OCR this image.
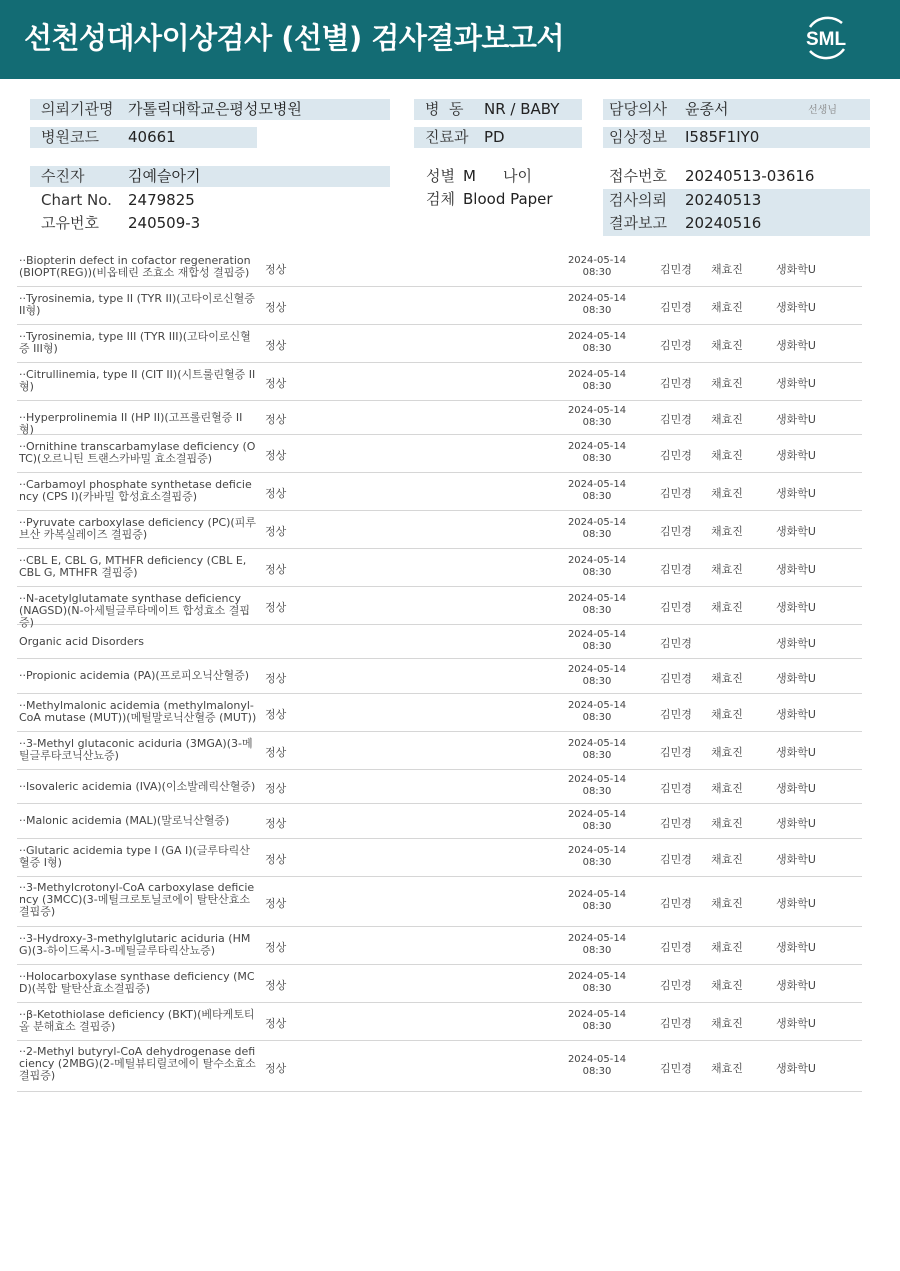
선천성대사이상검사 (선별) 검사결과보고서	SML
의뢰기관명 가톨릭대학교은평성모병원
병원코드 40661
병  동 NR / BABY
진료과 PD
담당의사 윤종서	선생님
임상정보 I585F1IY0
수진자	김예슬아기
Chart No. 2479825
고유번호 240509-3
성별 M 나이
검체 Blood Paper
접수번호 20240513-03616
검사의뢰 20240513
결과보고 20240516
··Biopterin defect in cofactor regeneration (BIOPT(REG))(비옵테린 조효소 재합성 결핍증)	정상
2024-05-14
08:30	김민경 채효진	생화학U
··Tyrosinemia, type II (TYR II)(고타이로신혈증 II형)	정상
2024-05-14
08:30	김민경 채효진	생화학U
··Tyrosinemia, type III (TYR III)(고타이로신혈증 III형)	정상
2024-05-14
08:30	김민경 채효진	생화학U
··Citrullinemia, type II (CIT II)(시트룰린혈증 II형)	정상
2024-05-14
08:30	김민경 채효진	생화학U
··Hyperprolinemia II (HP II)(고프롤린혈증 II형)
정상
2024-05-14
08:30	김민경 채효진	생화학U
··Ornithine transcarbamylase deficiency (OTC)(오르니틴 트랜스카바밀 효소결핍증)	정상
2024-05-14
08:30	김민경 채효진	생화학U
··Carbamoyl phosphate synthetase deficiency (CPS I)(카바밀 합성효소결핍증)	정상
2024-05-14
08:30	김민경 채효진	생화학U
··Pyruvate carboxylase deficiency (PC)(피루브산 카복실레이즈 결핍증)	정상
2024-05-14
08:30	김민경 채효진	생화학U
··CBL E, CBL G, MTHFR deficiency (CBL E, CBL G, MTHFR 결핍증)	정상
2024-05-14
08:30	김민경 채효진	생화학U
··N-acetylglutamate synthase deficiency (NAGSD)(N-아세틸글루타메이트 합성효소 결핍증)
정상
2024-05-14
08:30	김민경 채효진	생화학U
Organic acid Disorders
2024-05-14
08:30	김민경	생화학U
··Propionic acidemia (PA)(프로피오닉산혈증)	정상
2024-05-14
08:30	김민경 채효진	생화학U
··Methylmalonic acidemia (methylmalonyl-CoA mutase (MUT))(메틸말로닉산혈증 (MUT)) 정상
2024-05-14
08:30	김민경 채효진	생화학U
··3-Methyl glutaconic aciduria (3MGA)(3-메틸글루타코닉산뇨증)	정상
2024-05-14
08:30	김민경 채효진	생화학U
··Isovaleric acidemia (IVA)(이소발레릭산혈증) 정상
2024-05-14
08:30	김민경 채효진	생화학U
··Malonic acidemia (MAL)(말로닉산혈증)	정상
2024-05-14
08:30	김민경 채효진	생화학U
··Glutaric acidemia type I (GA I)(글루타릭산혈증 I형)	정상
2024-05-14
08:30	김민경 채효진	생화학U
··3-Methylcrotonyl-CoA carboxylase deficiency (3MCC)(3-메틸크로토닐코에이 탈탄산효소 결핍증)
정상
2024-05-14
08:30	김민경 채효진	생화학U
··3-Hydroxy-3-methylglutaric aciduria (HMG)(3-하이드록시-3-메틸글루타릭산뇨증)	정상
2024-05-14
08:30	김민경 채효진	생화학U
··Holocarboxylase synthase deficiency (MCD)(복합 탈탄산효소결핍증)	정상
2024-05-14
08:30	김민경 채효진	생화학U
··β-Ketothiolase deficiency (BKT)(베타케토티올 분해효소 결핍증)	정상
2024-05-14
08:30	김민경 채효진	생화학U
··2-Methyl butyryl-CoA dehydrogenase deficiency (2MBG)(2-메틸뷰티릴코에이 탈수소효소 결핍증)
정상
2024-05-14
08:30	김민경 채효진	생화학U
